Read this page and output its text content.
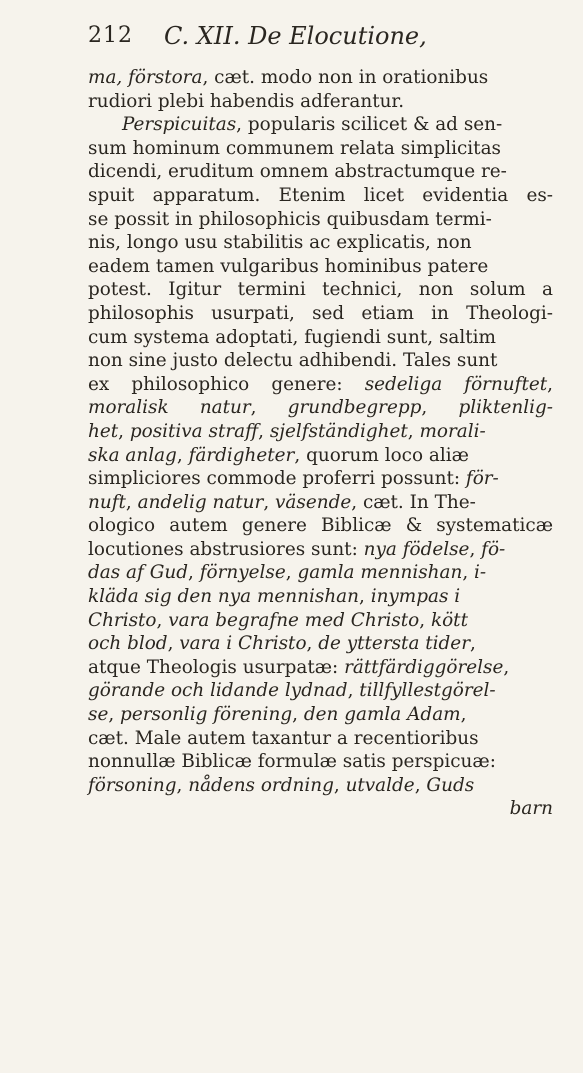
212 C. XII. De Elocutione,
ma, förstora, cæt. modo non in orationibus
rudiori plebi habendis adferantur.
Perspicuitas, popularis scilicet & ad sen-
sum hominum communem relata simplicitas
dicendi, eruditum omnem abstractumque re-
spuit apparatum. Etenim licet evidentia es-
se possit in philosophicis quibusdam termi-
nis, longo usu stabilitis ac explicatis, non
eadem tamen vulgaribus hominibus patere
potest. Igitur termini technici, non solum a
philosophis usurpati, sed etiam in Theologi-
cum systema adoptati, fugiendi sunt, saltim
non sine justo delectu adhibendi. Tales sunt
ex philosophico genere: sedeliga förnuftet,
moralisk natur, grundbegrepp, pliktenlig-
het, positiva straff, sjelfständighet, morali-
ska anlag, färdigheter, quorum loco aliæ
simpliciores commode proferri possunt: för-
nuft, andelig natur, väsende, cæt. In The-
ologico autem genere Biblicæ & systematicæ
locutiones abstrusiores sunt: nya födelse, fö-
das af Gud, förnyelse, gamla mennishan, i-
kläda sig den nya mennishan, inympas i
Christo, vara begrafne med Christo, kött
och blod, vara i Christo, de yttersta tider,
atque Theologis usurpatæ: rättfärdiggörelse,
görande och lidande lydnad, tillfyllestgörel-
se, personlig förening, den gamla Adam,
cæt. Male autem taxantur a recentioribus
nonnullæ Biblicæ formulæ satis perspicuæ:
försoning, nådens ordning, utvalde, Guds
barn
